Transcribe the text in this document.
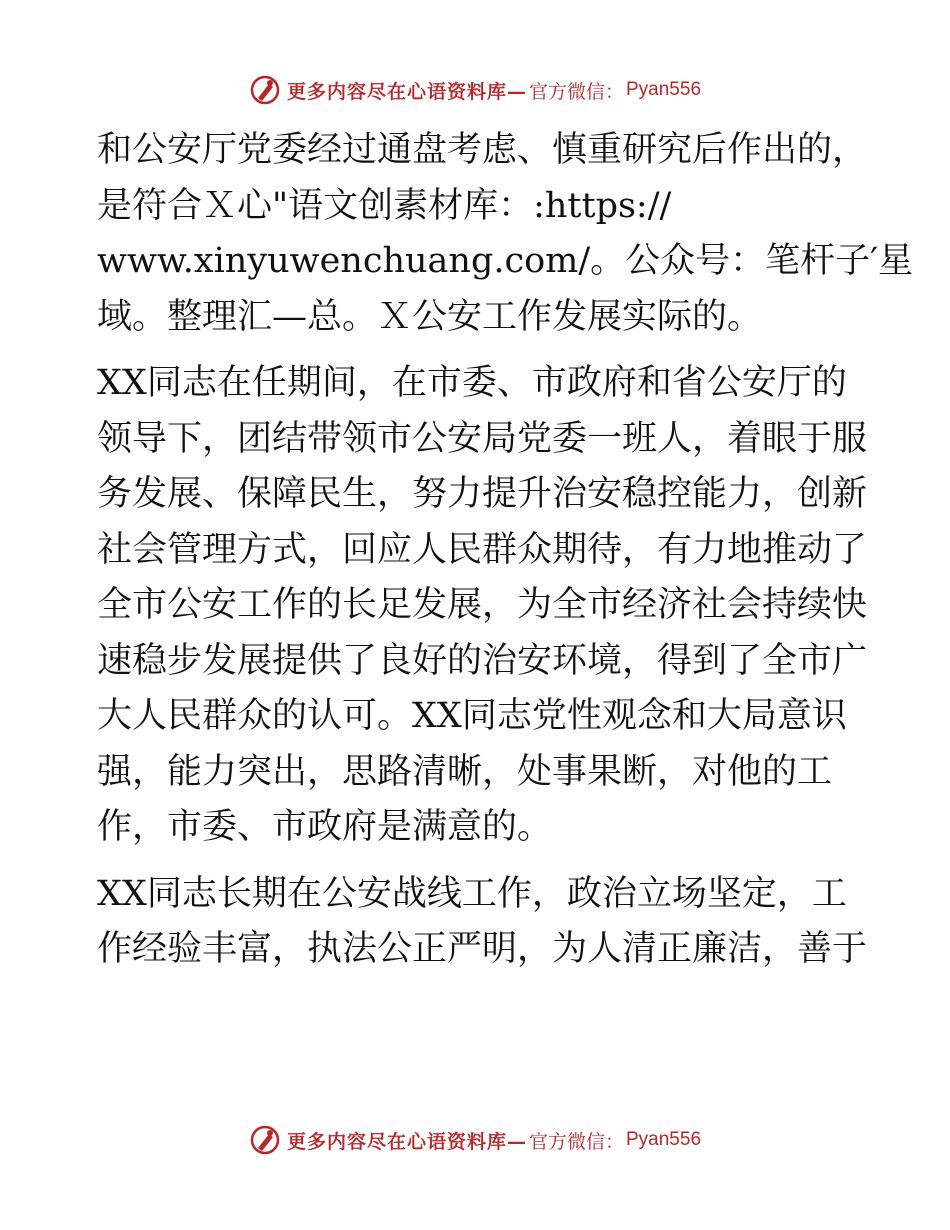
更多内容尽在心语资料库— 官方微信： Pyan556

和公安厅党委经过通盘考虑、慎重研究后作出的，
是符合Ｘ心"语文创素材库：:https://
www.xinyuwenchuang.com/。公众号：笔杆子′星
域。整理汇—总。Ｘ公安工作发展实际的。

XX同志在任期间，在市委、市政府和省公安厅的
领导下，团结带领市公安局党委一班人，着眼于服
务发展、保障民生，努力提升治安稳控能力，创新
社会管理方式，回应人民群众期待，有力地推动了
全市公安工作的长足发展，为全市经济社会持续快
速稳步发展提供了良好的治安环境，得到了全市广
大人民群众的认可。XX同志党性观念和大局意识
强，能力突出，思路清晰，处事果断，对他的工
作，市委、市政府是满意的。

XX同志长期在公安战线工作，政治立场坚定，工
作经验丰富，执法公正严明，为人清正廉洁，善于

更多内容尽在心语资料库— 官方微信： Pyan556
